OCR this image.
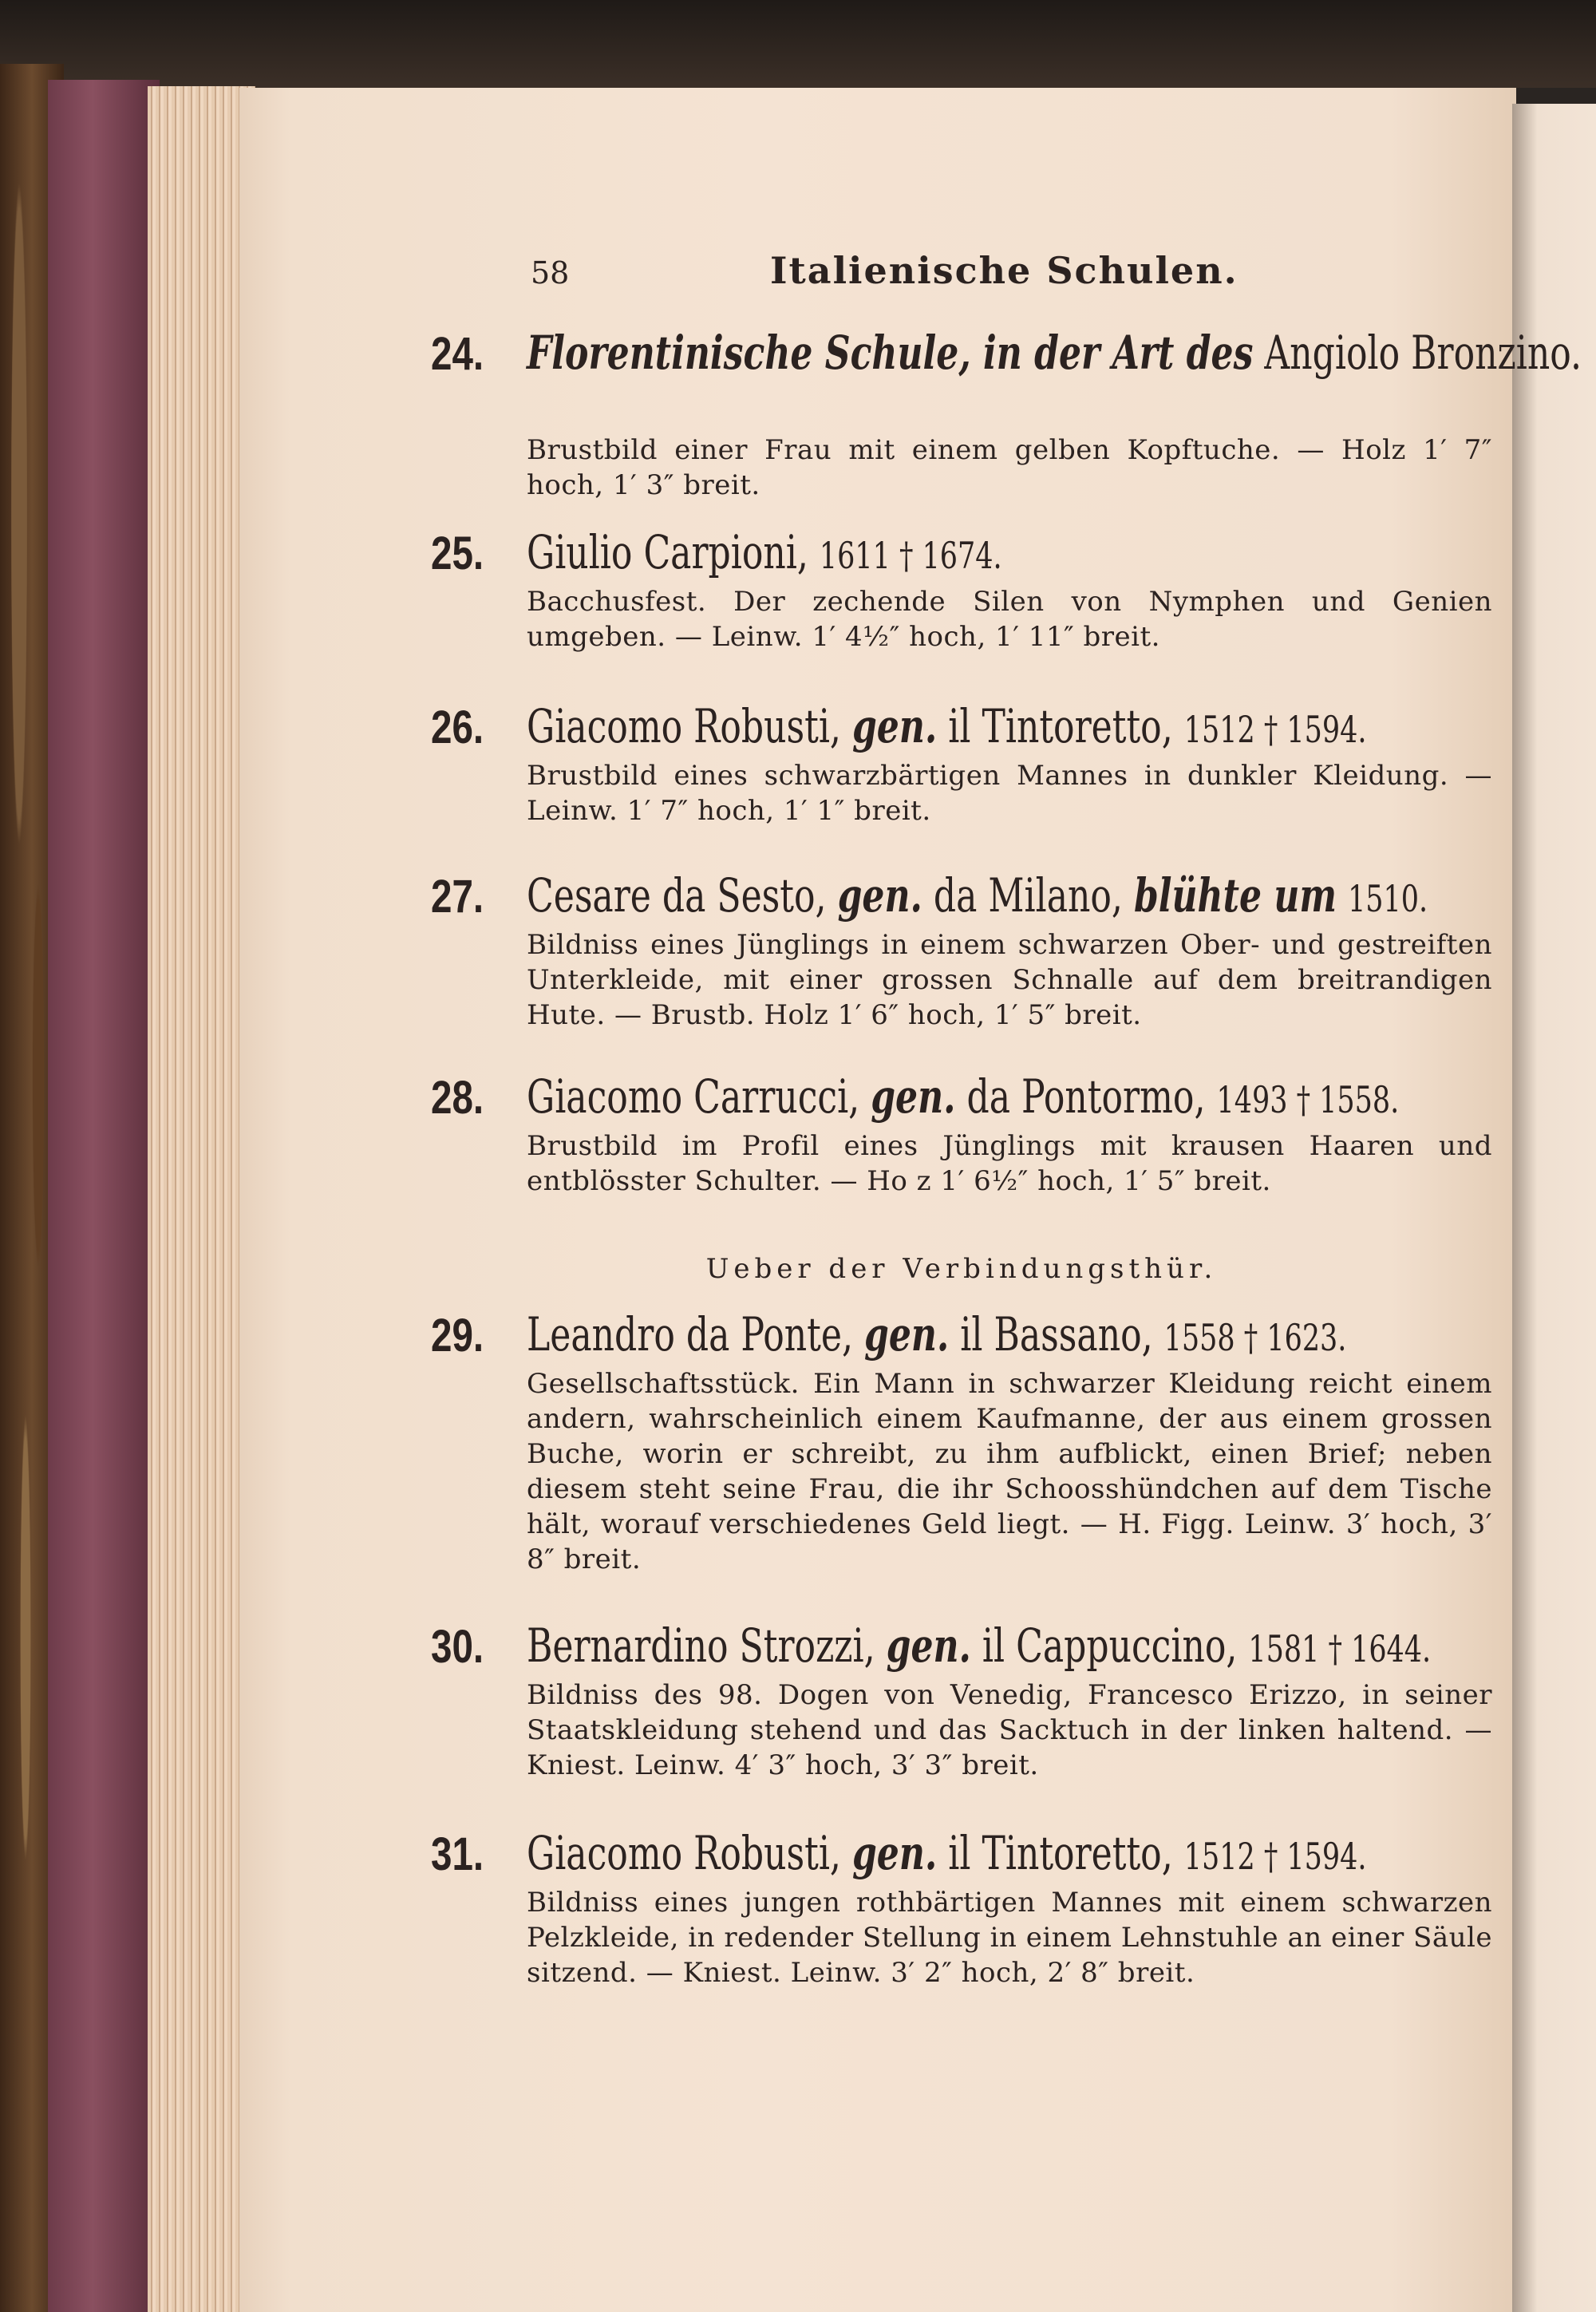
58	Italienische Schulen.
24. Florentinische Schule, in der Art des Angiolo Bronzino.
Brustbild einer Frau mit einem gelben Kopftuche. — Holz 1′ 7″ hoch, 1′ 3″ breit.
25. Giulio Carpioni, 1611 † 1674.
Bacchusfest. Der zechende Silen von Nymphen und Genien umgeben. — Leinw. 1′ 4½″ hoch, 1′ 11″ breit.
26. Giacomo Robusti, gen. il Tintoretto, 1512 † 1594.
Brustbild eines schwarzbärtigen Mannes in dunkler Kleidung. — Leinw. 1′ 7″ hoch, 1′ 1″ breit.
27. Cesare da Sesto, gen. da Milano, blühte um 1510.
Bildniss eines Jünglings in einem schwarzen Ober- und gestreiften Unterkleide, mit einer grossen Schnalle auf dem breitrandigen Hute. — Brustb. Holz 1′ 6″ hoch, 1′ 5″ breit.
28. Giacomo Carrucci, gen. da Pontormo, 1493 † 1558.
Brustbild im Profil eines Jünglings mit krausen Haaren und entblösster Schulter. — Ho z 1′ 6½″ hoch, 1′ 5″ breit.
Ueber der Verbindungsthür.
29. Leandro da Ponte, gen. il Bassano, 1558 † 1623.
Gesellschaftsstück. Ein Mann in schwarzer Kleidung reicht einem andern, wahrscheinlich einem Kaufmanne, der aus einem grossen Buche, worin er schreibt, zu ihm aufblickt, einen Brief; neben diesem steht seine Frau, die ihr Schoosshündchen auf dem Tische hält, worauf verschiedenes Geld liegt. — H. Figg. Leinw. 3′ hoch, 3′ 8″ breit.
30. Bernardino Strozzi, gen. il Cappuccino, 1581 † 1644.
Bildniss des 98. Dogen von Venedig, Francesco Erizzo, in seiner Staatskleidung stehend und das Sacktuch in der linken haltend. — Kniest. Leinw. 4′ 3″ hoch, 3′ 3″ breit.
31. Giacomo Robusti, gen. il Tintoretto, 1512 † 1594.
Bildniss eines jungen rothbärtigen Mannes mit einem schwarzen Pelzkleide, in redender Stellung in einem Lehnstuhle an einer Säule sitzend. — Kniest. Leinw. 3′ 2″ hoch, 2′ 8″ breit.
